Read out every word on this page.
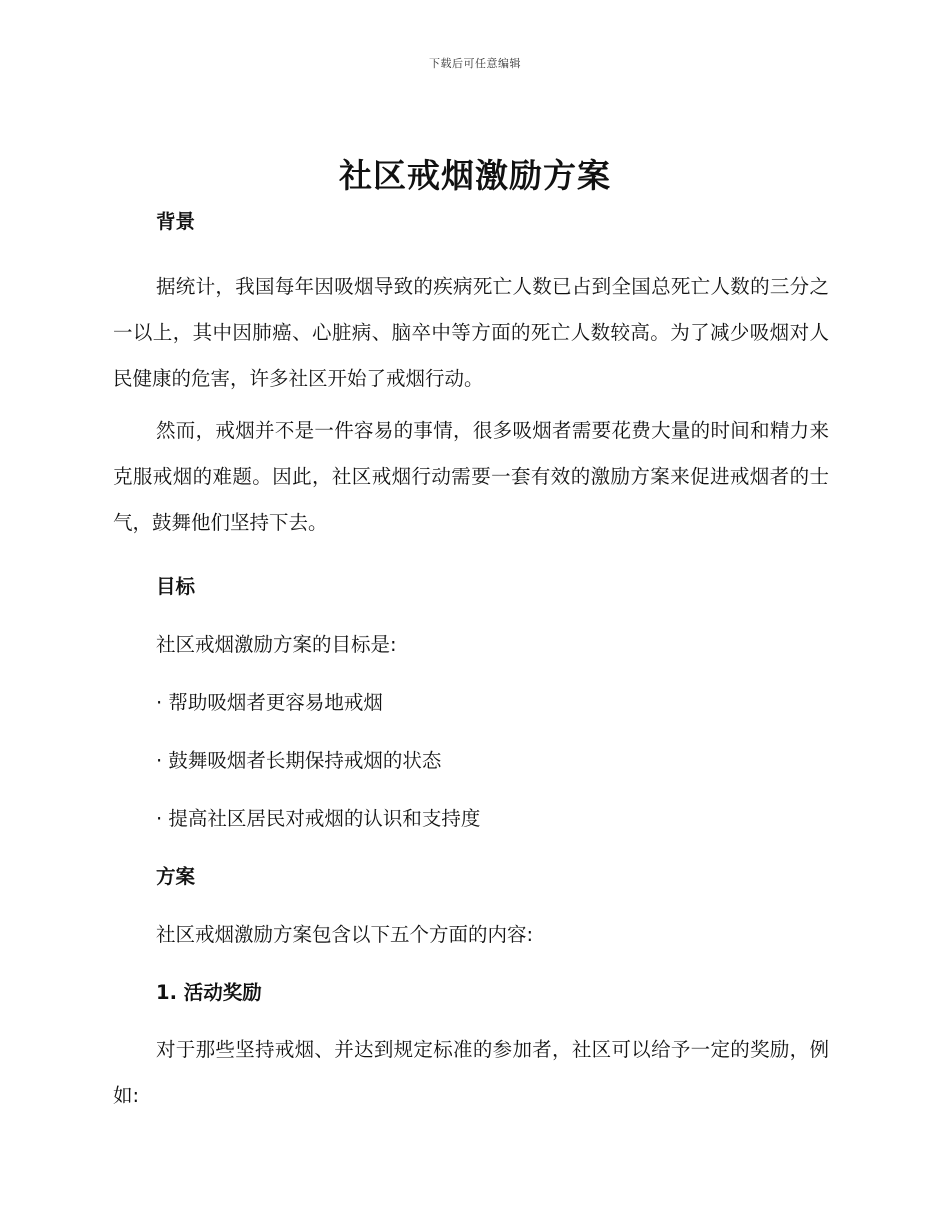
下载后可任意编辑
社区戒烟激励方案
背景

据统计，我国每年因吸烟导致的疾病死亡人数已占到全国总死亡人数的三分之一以上，其中因肺癌、心脏病、脑卒中等方面的死亡人数较高。为了减少吸烟对人民健康的危害，许多社区开始了戒烟行动。

然而，戒烟并不是一件容易的事情，很多吸烟者需要花费大量的时间和精力来克服戒烟的难题。因此，社区戒烟行动需要一套有效的激励方案来促进戒烟者的士气，鼓舞他们坚持下去。

目标
社区戒烟激励方案的目标是:
· 帮助吸烟者更容易地戒烟
· 鼓舞吸烟者长期保持戒烟的状态
· 提高社区居民对戒烟的认识和支持度
方案
社区戒烟激励方案包含以下五个方面的内容:
1. 活动奖励

对于那些坚持戒烟、并达到规定标准的参加者，社区可以给予一定的奖励，例如:
